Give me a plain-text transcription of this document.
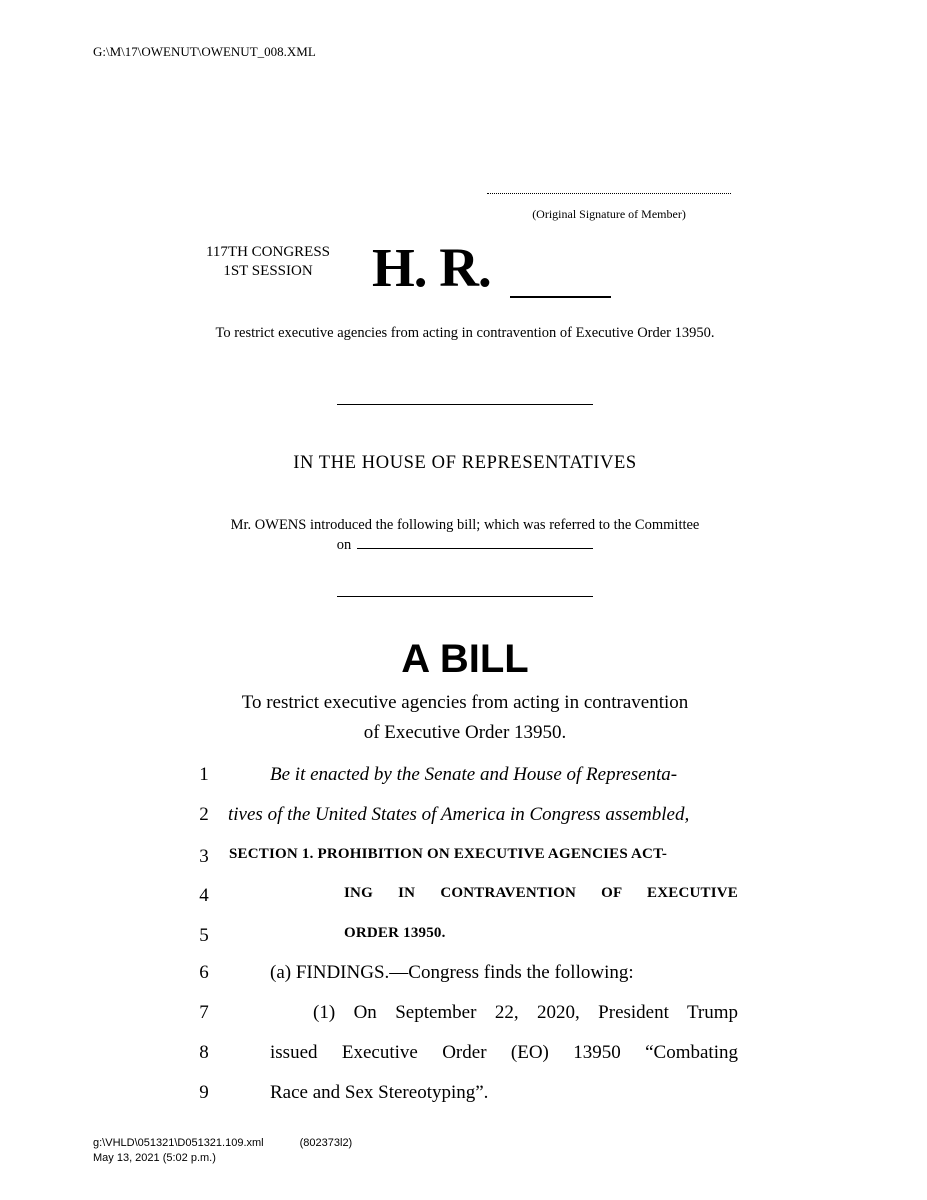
G:\M\17\OWENUT\OWENUT_008.XML
(Original Signature of Member)
117TH CONGRESS
1ST SESSION	H. R.
To restrict executive agencies from acting in contravention of Executive Order 13950.
IN THE HOUSE OF REPRESENTATIVES
Mr. OWENS introduced the following bill; which was referred to the Committee
on
A BILL
To restrict executive agencies from acting in contravention
of Executive Order 13950.
1	Be it enacted by the Senate and House of Representa-
2	tives of the United States of America in Congress assembled,
3	SECTION 1. PROHIBITION ON EXECUTIVE AGENCIES ACT-
4	ING IN CONTRAVENTION OF EXECUTIVE
5	ORDER 13950.
6	(a) FINDINGS.—Congress finds the following:
7	(1) On September 22, 2020, President Trump
8	issued Executive Order (EO) 13950 “Combating
9	Race and Sex Stereotyping”.
g:\VHLD\051321\D051321.109.xml	(802373l2)
May 13, 2021 (5:02 p.m.)
